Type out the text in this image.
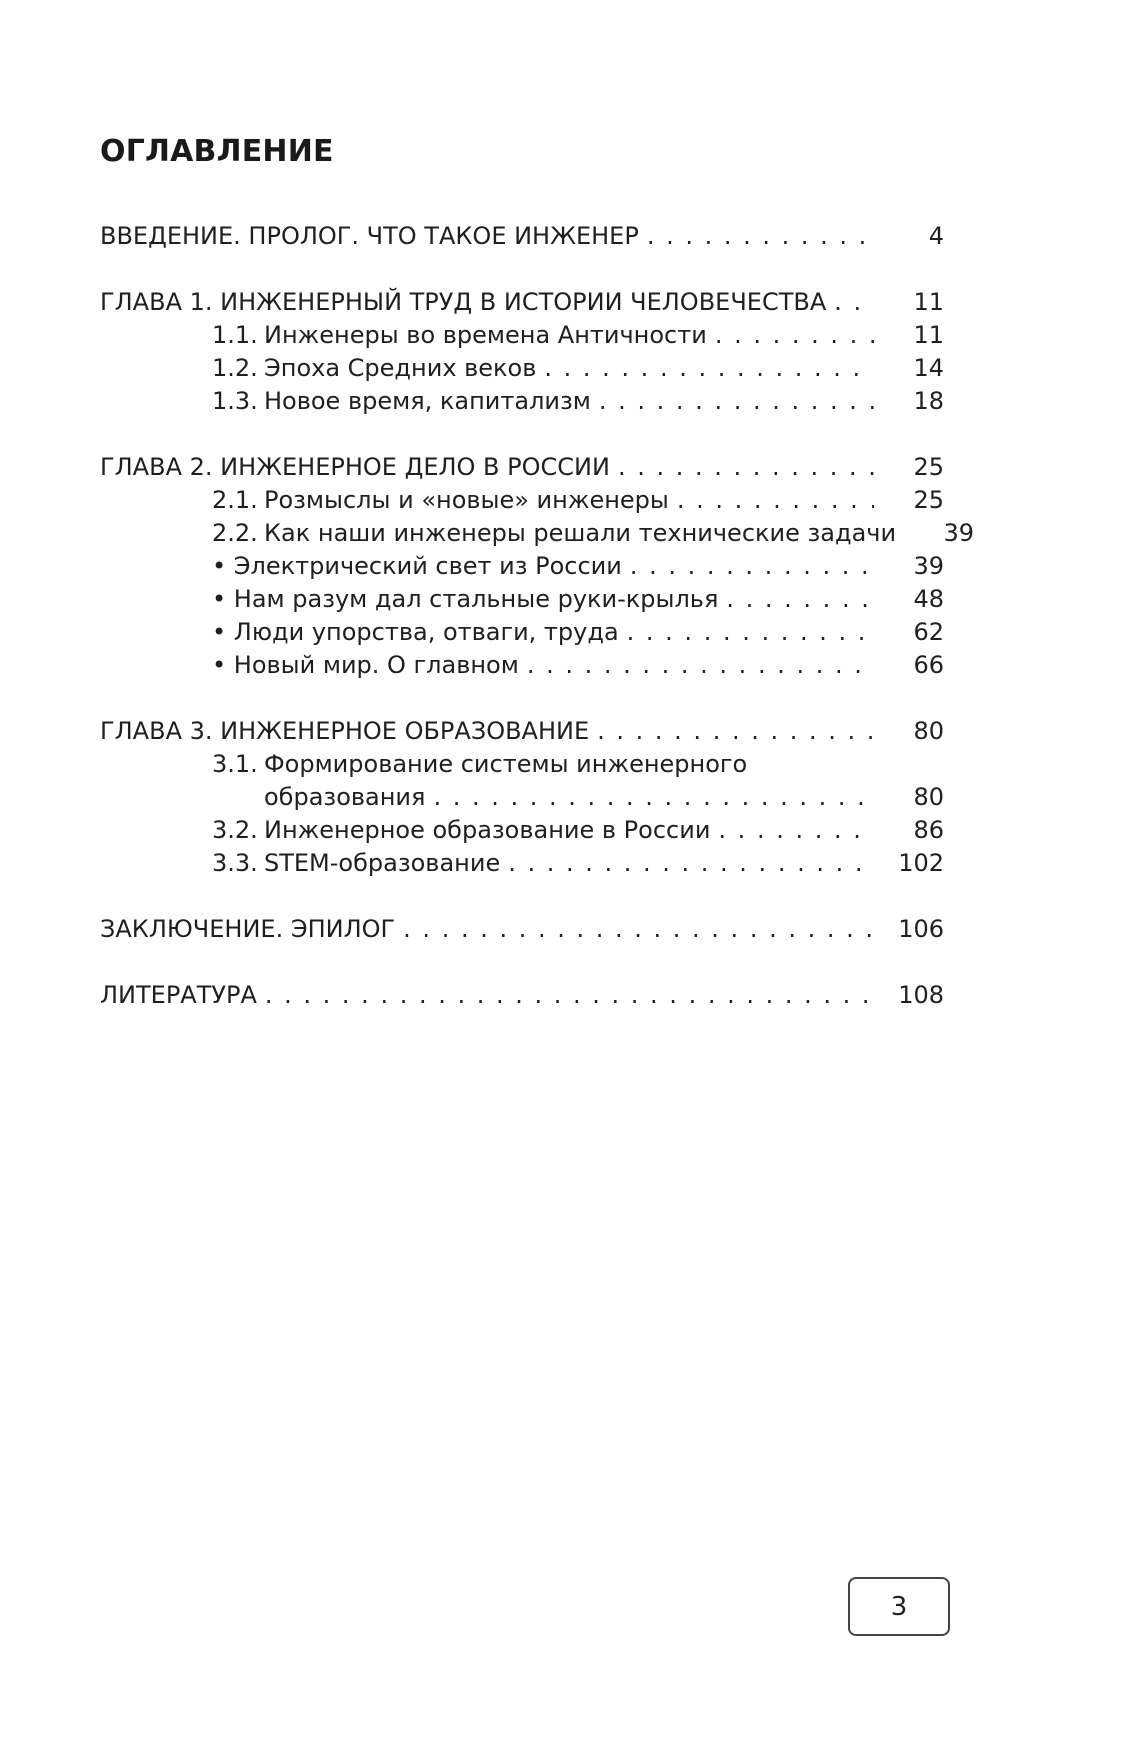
ОГЛАВЛЕНИЕ
ВВЕДЕНИЕ. ПРОЛОГ. ЧТО ТАКОЕ ИНЖЕНЕР . . .	4
ГЛАВА 1. ИНЖЕНЕРНЫЙ ТРУД В ИСТОРИИ ЧЕЛОВЕЧЕСТВА . . .	11
1.1. Инженеры во времена Античности . . .	11
1.2. Эпоха Средних веков . . .	14
1.3. Новое время, капитализм . . .	18
ГЛАВА 2. ИНЖЕНЕРНОЕ ДЕЛО В РОССИИ . . .	25
2.1. Розмыслы и «новые» инженеры . . .	25
2.2. Как наши инженеры решали технические задачи	39
• Электрический свет из России . . .	39
• Нам разум дал стальные руки-крылья . . .	48
• Люди упорства, отваги, труда . . .	62
• Новый мир. О главном . . .	66
ГЛАВА 3. ИНЖЕНЕРНОЕ ОБРАЗОВАНИЕ . . .	80
3.1. Формирование системы инженерного
образования . . .	80
3.2. Инженерное образование в России . . .	86
3.3. STEM-образование . . .	102
ЗАКЛЮЧЕНИЕ. ЭПИЛОГ . . .	106
ЛИТЕРАТУРА . . .	108
3
